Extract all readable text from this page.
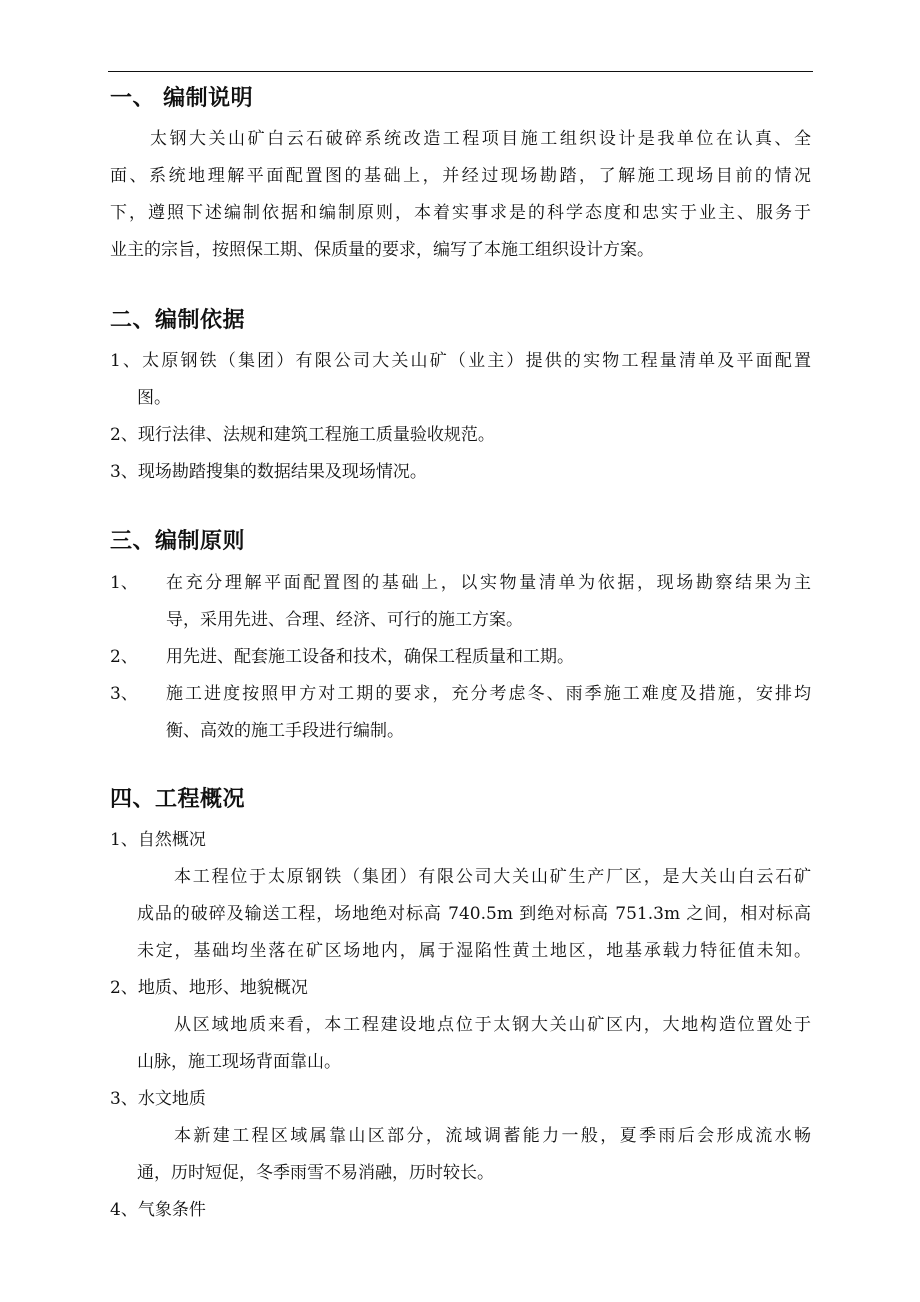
一、 编制说明
太钢大关山矿白云石破碎系统改造工程项目施工组织设计是我单位在认真、全
面、系统地理解平面配置图的基础上，并经过现场勘踏，了解施工现场目前的情况
下，遵照下述编制依据和编制原则，本着实事求是的科学态度和忠实于业主、服务于
业主的宗旨，按照保工期、保质量的要求，编写了本施工组织设计方案。
二、编制依据
1、太原钢铁（集团）有限公司大关山矿（业主）提供的实物工程量清单及平面配置
图。
2、现行法律、法规和建筑工程施工质量验收规范。
3、现场勘踏搜集的数据结果及现场情况。
三、编制原则
1、 在充分理解平面配置图的基础上，以实物量清单为依据，现场勘察结果为主
导，采用先进、合理、经济、可行的施工方案。
2、 用先进、配套施工设备和技术，确保工程质量和工期。
3、 施工进度按照甲方对工期的要求，充分考虑冬、雨季施工难度及措施，安排均
衡、高效的施工手段进行编制。
四、工程概况
1、自然概况
本工程位于太原钢铁（集团）有限公司大关山矿生产厂区，是大关山白云石矿
成品的破碎及输送工程，场地绝对标高 740.5m 到绝对标高 751.3m 之间，相对标高
未定，基础均坐落在矿区场地内，属于湿陷性黄土地区，地基承载力特征值未知。
2、地质、地形、地貌概况
从区域地质来看，本工程建设地点位于太钢大关山矿区内，大地构造位置处于
山脉，施工现场背面靠山。
3、水文地质
本新建工程区域属靠山区部分，流域调蓄能力一般，夏季雨后会形成流水畅
通，历时短促，冬季雨雪不易消融，历时较长。
4、气象条件
